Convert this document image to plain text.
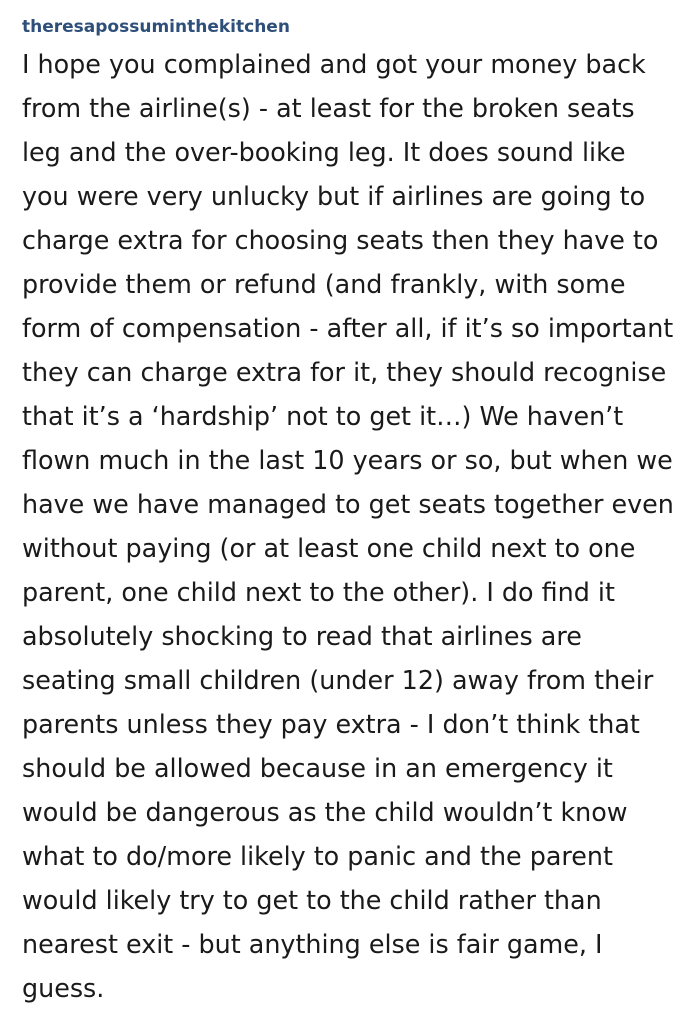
theresapossuminthekitchen

I hope you complained and got your money back from the airline(s) - at least for the broken seats leg and the over-booking leg. It does sound like you were very unlucky but if airlines are going to charge extra for choosing seats then they have to provide them or refund (and frankly, with some form of compensation - after all, if it’s so important they can charge extra for it, they should recognise that it’s a ‘hardship’ not to get it…) We haven’t flown much in the last 10 years or so, but when we have we have managed to get seats together even without paying (or at least one child next to one parent, one child next to the other). I do find it absolutely shocking to read that airlines are seating small children (under 12) away from their parents unless they pay extra - I don’t think that should be allowed because in an emergency it would be dangerous as the child wouldn’t know what to do/more likely to panic and the parent would likely try to get to the child rather than nearest exit - but anything else is fair game, I guess.
